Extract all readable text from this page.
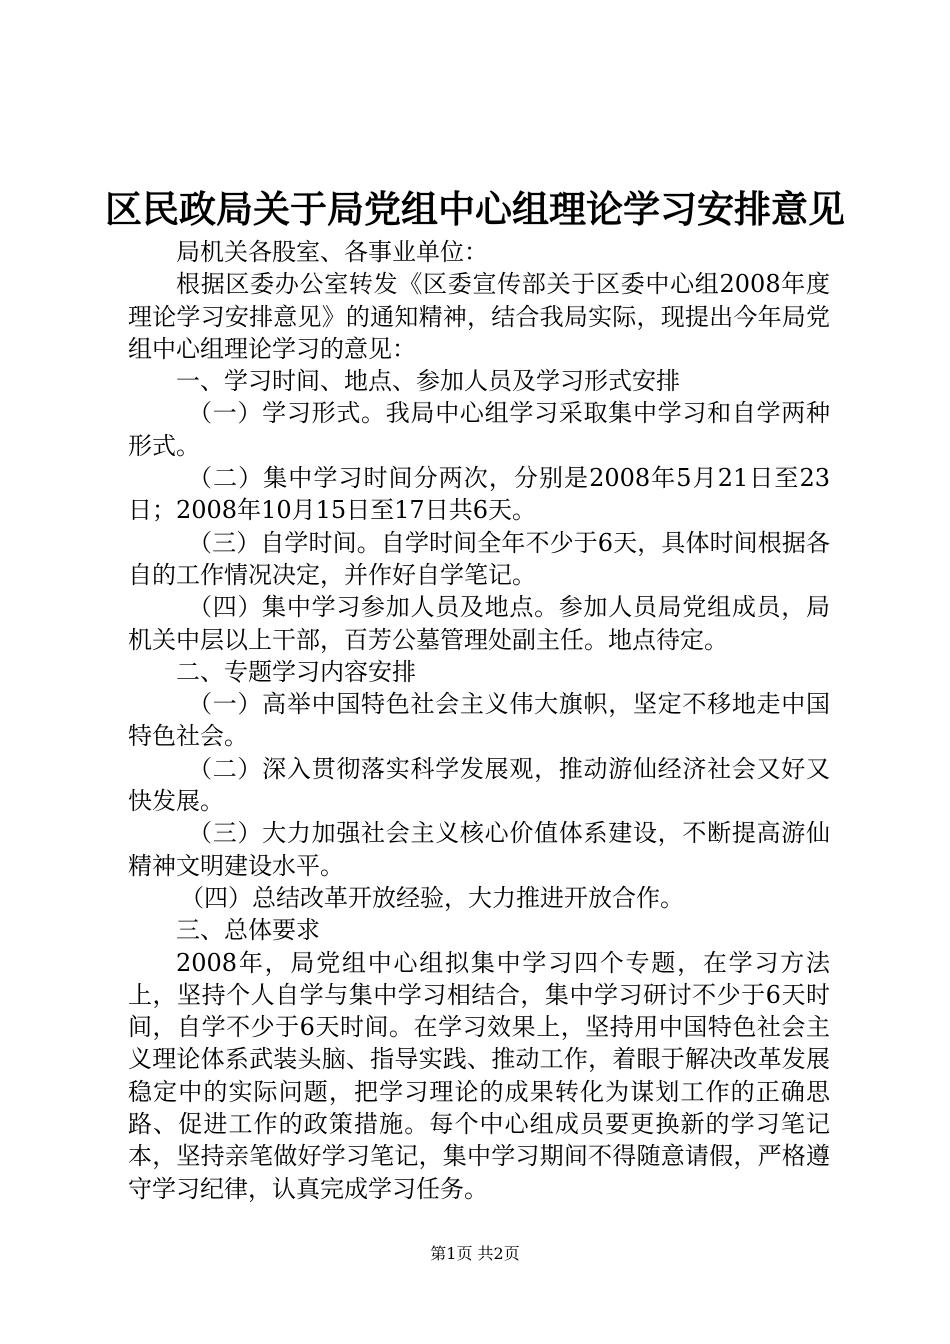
区民政局关于局党组中心组理论学习安排意见

局机关各股室、各事业单位：

根据区委办公室转发《区委宣传部关于区委中心组2008年度理论学习安排意见》的通知精神，结合我局实际，现提出今年局党组中心组理论学习的意见：

一、学习时间、地点、参加人员及学习形式安排

（一）学习形式。我局中心组学习采取集中学习和自学两种形式。

（二）集中学习时间分两次，分别是2008年5月21日至23日；2008年10月15日至17日共6天。

（三）自学时间。自学时间全年不少于6天，具体时间根据各自的工作情况决定，并作好自学笔记。

（四）集中学习参加人员及地点。参加人员局党组成员，局机关中层以上干部，百芳公墓管理处副主任。地点待定。

二、专题学习内容安排

（一）高举中国特色社会主义伟大旗帜，坚定不移地走中国特色社会。

（二）深入贯彻落实科学发展观，推动游仙经济社会又好又快发展。

（三）大力加强社会主义核心价值体系建设，不断提高游仙精神文明建设水平。

（四）总结改革开放经验，大力推进开放合作。

三、总体要求

2008年，局党组中心组拟集中学习四个专题，在学习方法上，坚持个人自学与集中学习相结合，集中学习研讨不少于6天时间，自学不少于6天时间。在学习效果上，坚持用中国特色社会主义理论体系武装头脑、指导实践、推动工作，着眼于解决改革发展稳定中的实际问题，把学习理论的成果转化为谋划工作的正确思路、促进工作的政策措施。每个中心组成员要更换新的学习笔记本，坚持亲笔做好学习笔记，集中学习期间不得随意请假，严格遵守学习纪律，认真完成学习任务。

第1页 共2页
